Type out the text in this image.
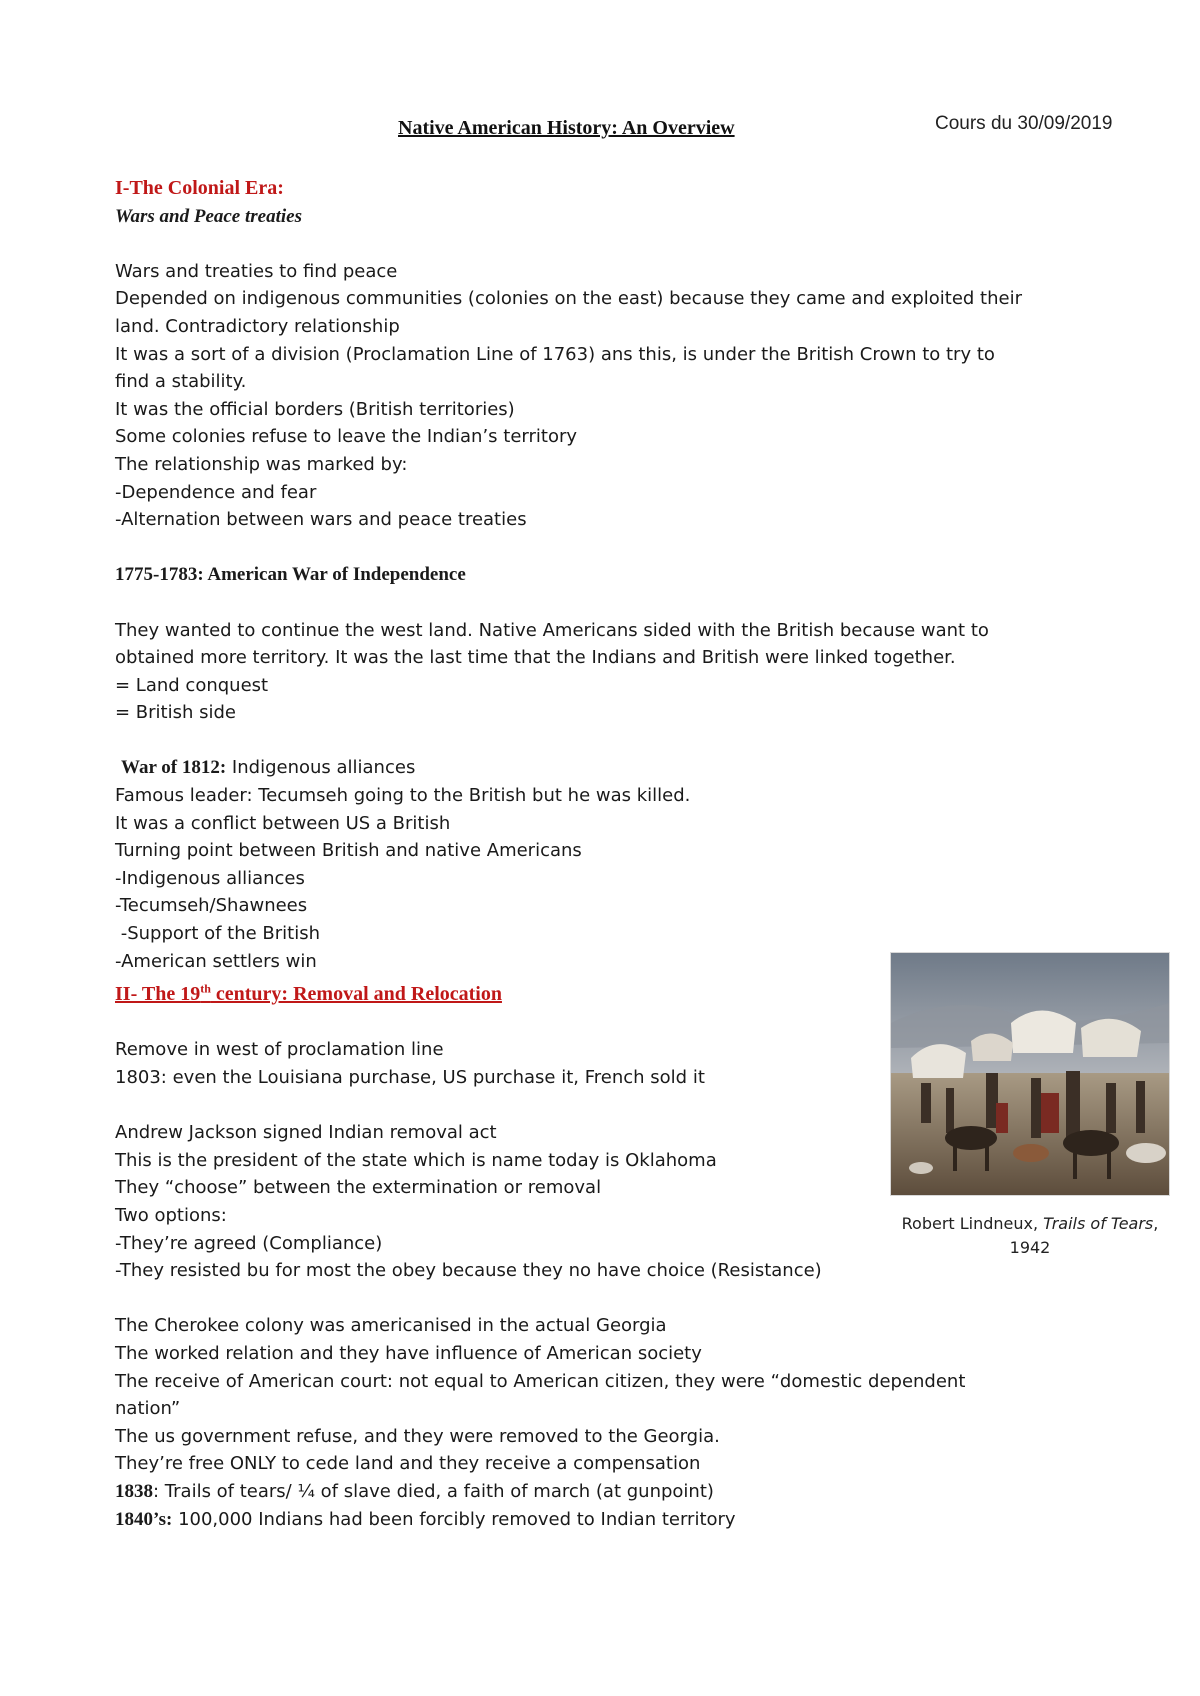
Cours du 30/09/2019
Native American History: An Overview
I-The Colonial Era:
Wars and Peace treaties
Wars and treaties to find peace
Depended on indigenous communities (colonies on the east) because they came and exploited their
land. Contradictory relationship
It was a sort of a division (Proclamation Line of 1763) ans this, is under the British Crown to try to
find a stability.
It was the official borders (British territories)
Some colonies refuse to leave the Indian’s territory
The relationship was marked by:
-Dependence and fear
-Alternation between wars and peace treaties
1775-1783: American War of Independence
They wanted to continue the west land. Native Americans sided with the British because want to
obtained more territory. It was the last time that the Indians and British were linked together.
= Land conquest
= British side
War of 1812: Indigenous alliances
Famous leader: Tecumseh going to the British but he was killed.
It was a conflict between US a British
Turning point between British and native Americans
-Indigenous alliances
-Tecumseh/Shawnees
-Support of the British
-American settlers win
II- The 19th century: Removal and Relocation
Remove in west of proclamation line
1803: even the Louisiana purchase, US purchase it, French sold it
Andrew Jackson signed Indian removal act
This is the president of the state which is name today is Oklahoma
They “choose” between the extermination or removal
Two options:
-They’re agreed (Compliance)
-They resisted bu for most the obey because they no have choice (Resistance)
The Cherokee colony was americanised in the actual Georgia
The worked relation and they have influence of American society
The receive of American court: not equal to American citizen, they were “domestic dependent
nation”
The us government refuse, and they were removed to the Georgia.
They’re free ONLY to cede land and they receive a compensation
1838: Trails of tears/ ¼ of slave died, a faith of march (at gunpoint)
1840’s: 100,000 Indians had been forcibly removed to Indian territory
Robert Lindneux, Trails of Tears, 1942
